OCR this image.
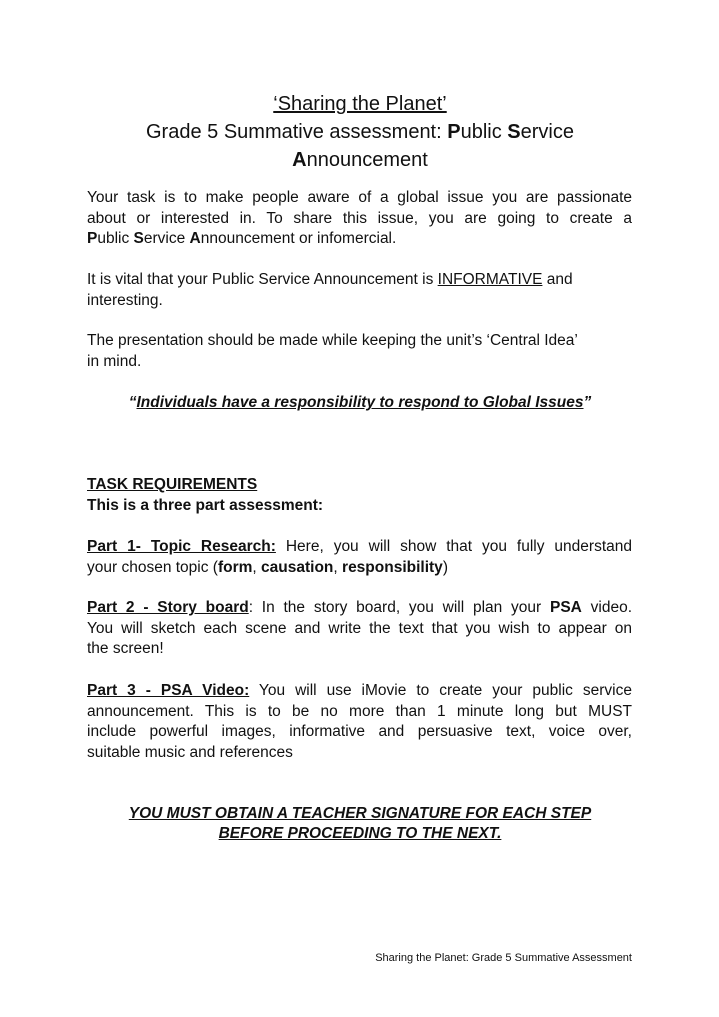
‘Sharing the Planet’
Grade 5 Summative assessment: Public Service
Announcement

Your task is to make people aware of a global issue you are passionate
about or interested in. To share this issue, you are going to create a
Public Service Announcement or infomercial.

It is vital that your Public Service Announcement is INFORMATIVE and
interesting.

The presentation should be made while keeping the unit’s ‘Central Idea’
in mind.

“Individuals have a responsibility to respond to Global Issues”

TASK REQUIREMENTS
This is a three part assessment:

Part 1- Topic Research: Here, you will show that you fully understand
your chosen topic (form, causation, responsibility)

Part 2 - Story board: In the story board, you will plan your PSA video.
You will sketch each scene and write the text that you wish to appear on
the screen!

Part 3 - PSA Video: You will use iMovie to create your public service
announcement. This is to be no more than 1 minute long but MUST
include powerful images, informative and persuasive text, voice over,
suitable music and references

YOU MUST OBTAIN A TEACHER SIGNATURE FOR EACH STEP
BEFORE PROCEEDING TO THE NEXT.
Sharing the Planet: Grade 5 Summative Assessment
